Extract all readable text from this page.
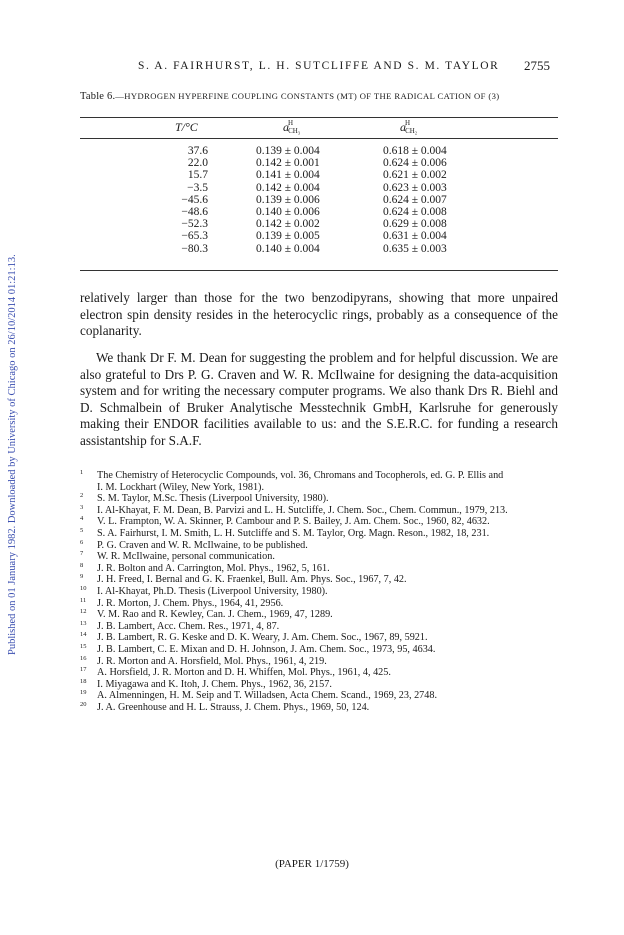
Published on 01 January 1982. Downloaded by University of Chicago on 26/10/2014 01:21:13.
S. A. FAIRHURST, L. H. SUTCLIFFE AND S. M. TAYLOR 2755
Table 6.—HYDROGEN HYPERFINE COUPLING CONSTANTS (MT) OF THE RADICAL CATION OF (3)
T/°C	$a^H_{CH_3}$	$a^H_{CH_2}$
37.6	0.139 ± 0.004	0.618 ± 0.004
22.0	0.142 ± 0.001	0.624 ± 0.006
15.7	0.141 ± 0.004	0.621 ± 0.002
−3.5	0.142 ± 0.004	0.623 ± 0.003
−45.6	0.139 ± 0.006	0.624 ± 0.007
−48.6	0.140 ± 0.006	0.624 ± 0.008
−52.3	0.142 ± 0.002	0.629 ± 0.008
−65.3	0.139 ± 0.005	0.631 ± 0.004
−80.3	0.140 ± 0.004	0.635 ± 0.003

relatively larger than those for the two benzodipyrans, showing that more unpaired electron spin density resides in the heterocyclic rings, probably as a consequence of the coplanarity.

We thank Dr F. M. Dean for suggesting the problem and for helpful discussion. We are also grateful to Drs P. G. Craven and W. R. McIlwaine for designing the data-acquisition system and for writing the necessary computer programs. We also thank Drs R. Biehl and D. Schmalbein of Bruker Analytische Messtechnik GmbH, Karlsruhe for generously making their ENDOR facilities available to us: and the S.E.R.C. for funding a research assistantship for S.A.F.

1 The Chemistry of Heterocyclic Compounds, vol. 36, Chromans and Tocopherols, ed. G. P. Ellis and
I. M. Lockhart (Wiley, New York, 1981).
2 S. M. Taylor, M.Sc. Thesis (Liverpool University, 1980).
3 I. Al-Khayat, F. M. Dean, B. Parvizi and L. H. Sutcliffe, J. Chem. Soc., Chem. Commun., 1979, 213.
4 V. L. Frampton, W. A. Skinner, P. Cambour and P. S. Bailey, J. Am. Chem. Soc., 1960, 82, 4632.
5 S. A. Fairhurst, I. M. Smith, L. H. Sutcliffe and S. M. Taylor, Org. Magn. Reson., 1982, 18, 231.
6 P. G. Craven and W. R. McIlwaine, to be published.
7 W. R. McIlwaine, personal communication.
8 J. R. Bolton and A. Carrington, Mol. Phys., 1962, 5, 161.
9 J. H. Freed, I. Bernal and G. K. Fraenkel, Bull. Am. Phys. Soc., 1967, 7, 42.
10 I. Al-Khayat, Ph.D. Thesis (Liverpool University, 1980).
11 J. R. Morton, J. Chem. Phys., 1964, 41, 2956.
12 V. M. Rao and R. Kewley, Can. J. Chem., 1969, 47, 1289.
13 J. B. Lambert, Acc. Chem. Res., 1971, 4, 87.
14 J. B. Lambert, R. G. Keske and D. K. Weary, J. Am. Chem. Soc., 1967, 89, 5921.
15 J. B. Lambert, C. E. Mixan and D. H. Johnson, J. Am. Chem. Soc., 1973, 95, 4634.
16 J. R. Morton and A. Horsfield, Mol. Phys., 1961, 4, 219.
17 A. Horsfield, J. R. Morton and D. H. Whiffen, Mol. Phys., 1961, 4, 425.
18 I. Miyagawa and K. Itoh, J. Chem. Phys., 1962, 36, 2157.
19 A. Almenningen, H. M. Seip and T. Willadsen, Acta Chem. Scand., 1969, 23, 2748.
20 J. A. Greenhouse and H. L. Strauss, J. Chem. Phys., 1969, 50, 124.
(PAPER 1/1759)
